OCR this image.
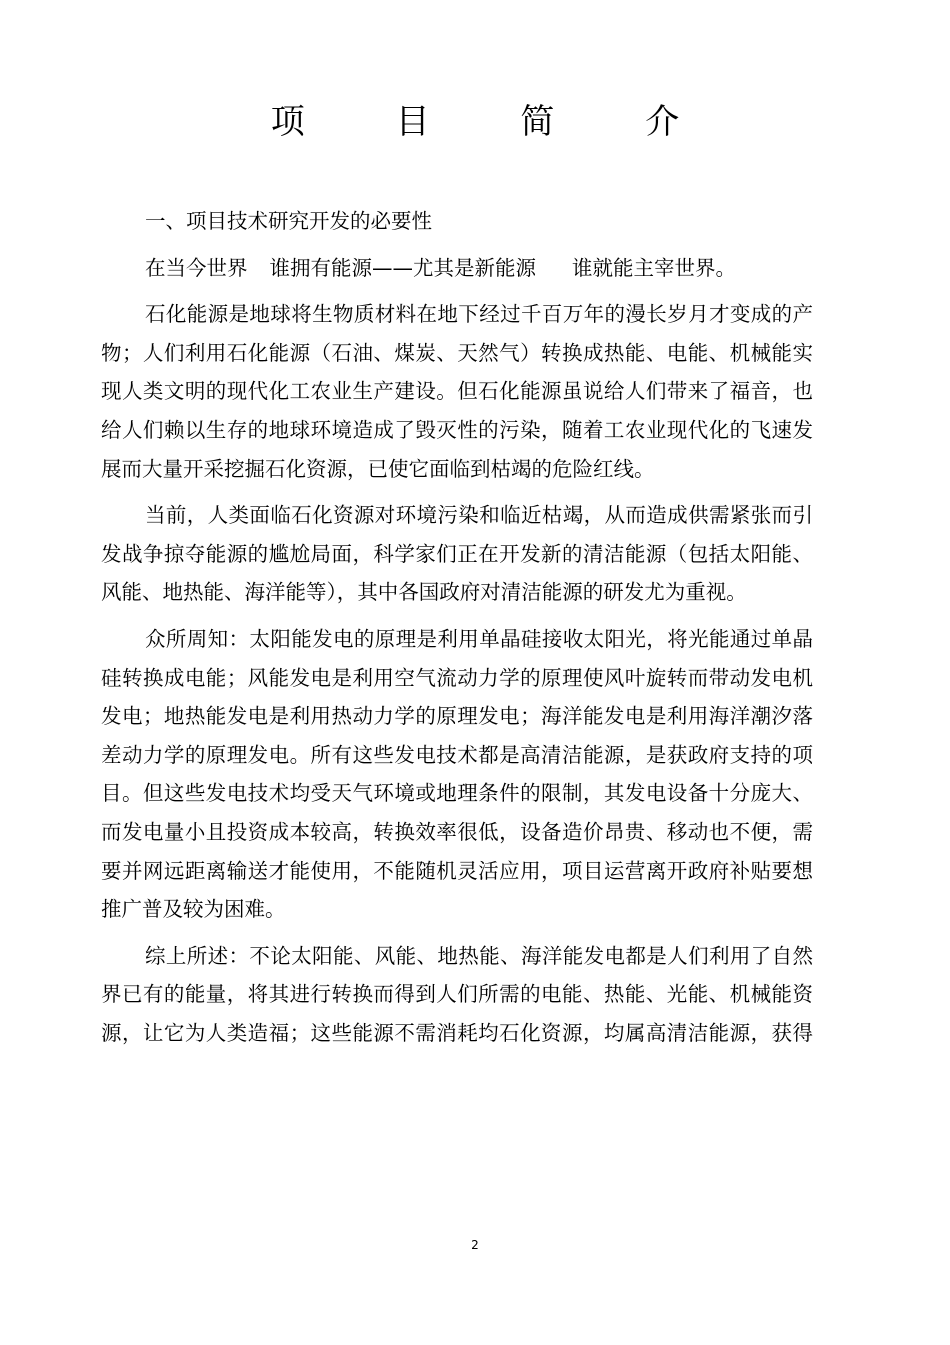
项 目 简 介
一、项目技术研究开发的必要性
在当今世界 谁拥有能源——尤其是新能源 谁就能主宰世界。
石化能源是地球将生物质材料在地下经过千百万年的漫长岁月才变成的产
物；人们利用石化能源（石油、煤炭、天然气）转换成热能、电能、机械能实
现人类文明的现代化工农业生产建设。但石化能源虽说给人们带来了福音，也
给人们赖以生存的地球环境造成了毁灭性的污染，随着工农业现代化的飞速发
展而大量开采挖掘石化资源，已使它面临到枯竭的危险红线。
当前，人类面临石化资源对环境污染和临近枯竭，从而造成供需紧张而引
发战争掠夺能源的尴尬局面，科学家们正在开发新的清洁能源（包括太阳能、
风能、地热能、海洋能等），其中各国政府对清洁能源的研发尤为重视。
众所周知：太阳能发电的原理是利用单晶硅接收太阳光，将光能通过单晶
硅转换成电能；风能发电是利用空气流动力学的原理使风叶旋转而带动发电机
发电；地热能发电是利用热动力学的原理发电；海洋能发电是利用海洋潮汐落
差动力学的原理发电。所有这些发电技术都是高清洁能源，是获政府支持的项
目。但这些发电技术均受天气环境或地理条件的限制，其发电设备十分庞大、
而发电量小且投资成本较高，转换效率很低，设备造价昂贵、移动也不便，需
要并网远距离输送才能使用，不能随机灵活应用，项目运营离开政府补贴要想
推广普及较为困难。
综上所述：不论太阳能、风能、地热能、海洋能发电都是人们利用了自然
界已有的能量，将其进行转换而得到人们所需的电能、热能、光能、机械能资
源，让它为人类造福；这些能源不需消耗均石化资源，均属高清洁能源，获得
2
